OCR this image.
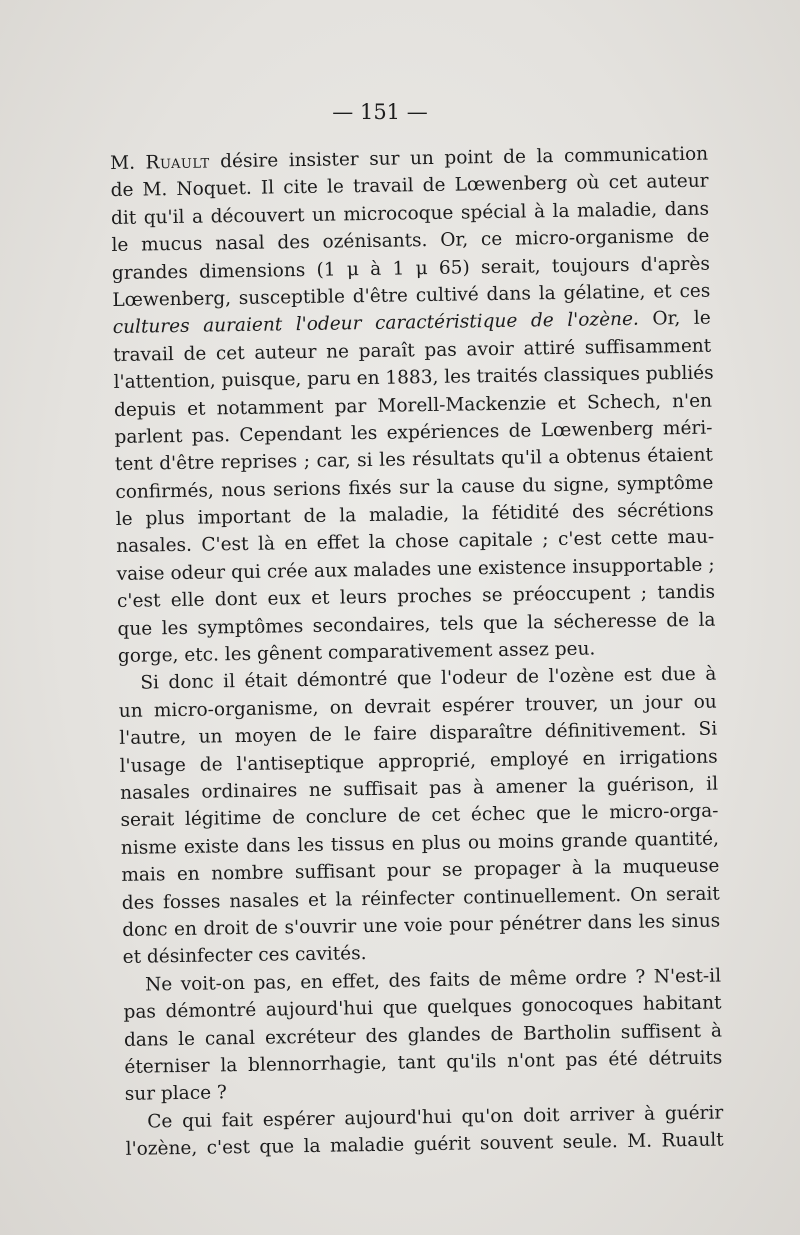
— 151 —
M. Ruault désire insister sur un point de la communication
de M. Noquet. Il cite le travail de Lœwenberg où cet auteur
dit qu'il a découvert un microcoque spécial à la maladie, dans
le mucus nasal des ozénisants. Or, ce micro-organisme de
grandes dimensions (1 μ à 1 μ 65) serait, toujours d'après
Lœwenberg, susceptible d'être cultivé dans la gélatine, et ces
cultures auraient l'odeur caractéristique de l'ozène. Or, le
travail de cet auteur ne paraît pas avoir attiré suffisamment
l'attention, puisque, paru en 1883, les traités classiques publiés
depuis et notamment par Morell-Mackenzie et Schech, n'en
parlent pas. Cependant les expériences de Lœwenberg méri-
tent d'être reprises ; car, si les résultats qu'il a obtenus étaient
confirmés, nous serions fixés sur la cause du signe, symptôme
le plus important de la maladie, la fétidité des sécrétions
nasales. C'est là en effet la chose capitale ; c'est cette mau-
vaise odeur qui crée aux malades une existence insupportable ;
c'est elle dont eux et leurs proches se préoccupent ; tandis
que les symptômes secondaires, tels que la sécheresse de la
gorge, etc. les gênent comparativement assez peu.
Si donc il était démontré que l'odeur de l'ozène est due à
un micro-organisme, on devrait espérer trouver, un jour ou
l'autre, un moyen de le faire disparaître définitivement. Si
l'usage de l'antiseptique approprié, employé en irrigations
nasales ordinaires ne suffisait pas à amener la guérison, il
serait légitime de conclure de cet échec que le micro-orga-
nisme existe dans les tissus en plus ou moins grande quantité,
mais en nombre suffisant pour se propager à la muqueuse
des fosses nasales et la réinfecter continuellement. On serait
donc en droit de s'ouvrir une voie pour pénétrer dans les sinus
et désinfecter ces cavités.
Ne voit-on pas, en effet, des faits de même ordre ? N'est-il
pas démontré aujourd'hui que quelques gonocoques habitant
dans le canal excréteur des glandes de Bartholin suffisent à
éterniser la blennorrhagie, tant qu'ils n'ont pas été détruits
sur place ?
Ce qui fait espérer aujourd'hui qu'on doit arriver à guérir
l'ozène, c'est que la maladie guérit souvent seule. M. Ruault
